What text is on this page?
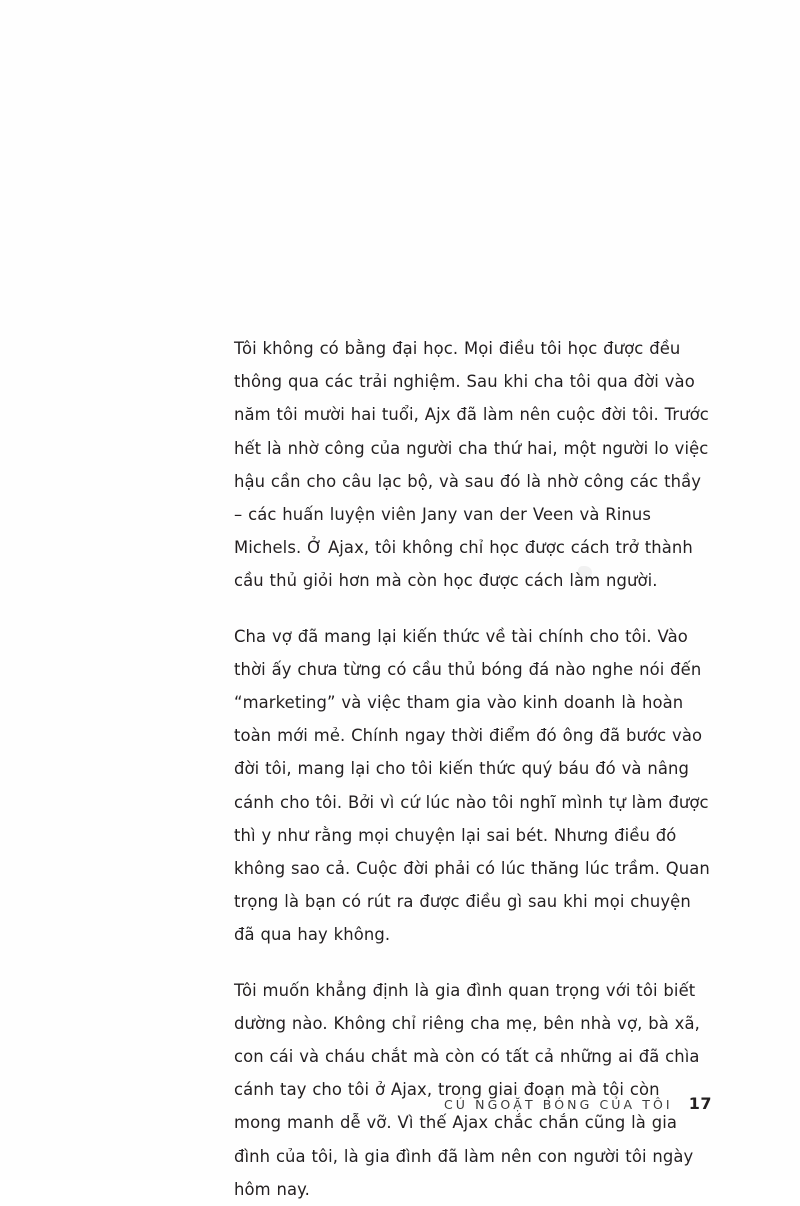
Tôi không có bằng đại học. Mọi điều tôi học được đều thông qua các trải nghiệm. Sau khi cha tôi qua đời vào năm tôi mười hai tuổi, Ajx đã làm nên cuộc đời tôi. Trước hết là nhờ công của người cha thứ hai, một người lo việc hậu cần cho câu lạc bộ, và sau đó là nhờ công các thầy – các huấn luyện viên Jany van der Veen và Rinus Michels. Ở Ajax, tôi không chỉ học được cách trở thành cầu thủ giỏi hơn mà còn học được cách làm người.

Cha vợ đã mang lại kiến thức về tài chính cho tôi. Vào thời ấy chưa từng có cầu thủ bóng đá nào nghe nói đến “marketing” và việc tham gia vào kinh doanh là hoàn toàn mới mẻ. Chính ngay thời điểm đó ông đã bước vào đời tôi, mang lại cho tôi kiến thức quý báu đó và nâng cánh cho tôi. Bởi vì cứ lúc nào tôi nghĩ mình tự làm được thì y như rằng mọi chuyện lại sai bét. Nhưng điều đó không sao cả. Cuộc đời phải có lúc thăng lúc trầm. Quan trọng là bạn có rút ra được điều gì sau khi mọi chuyện đã qua hay không.

Tôi muốn khẳng định là gia đình quan trọng với tôi biết dường nào. Không chỉ riêng cha mẹ, bên nhà vợ, bà xã, con cái và cháu chắt mà còn có tất cả những ai đã chìa cánh tay cho tôi ở Ajax, trong giai đoạn mà tôi còn mong manh dễ vỡ. Vì thế Ajax chắc chắn cũng là gia đình của tôi, là gia đình đã làm nên con người tôi ngày hôm nay.

CÚ NGOẶT BÓNG CỦA TÔI 17
